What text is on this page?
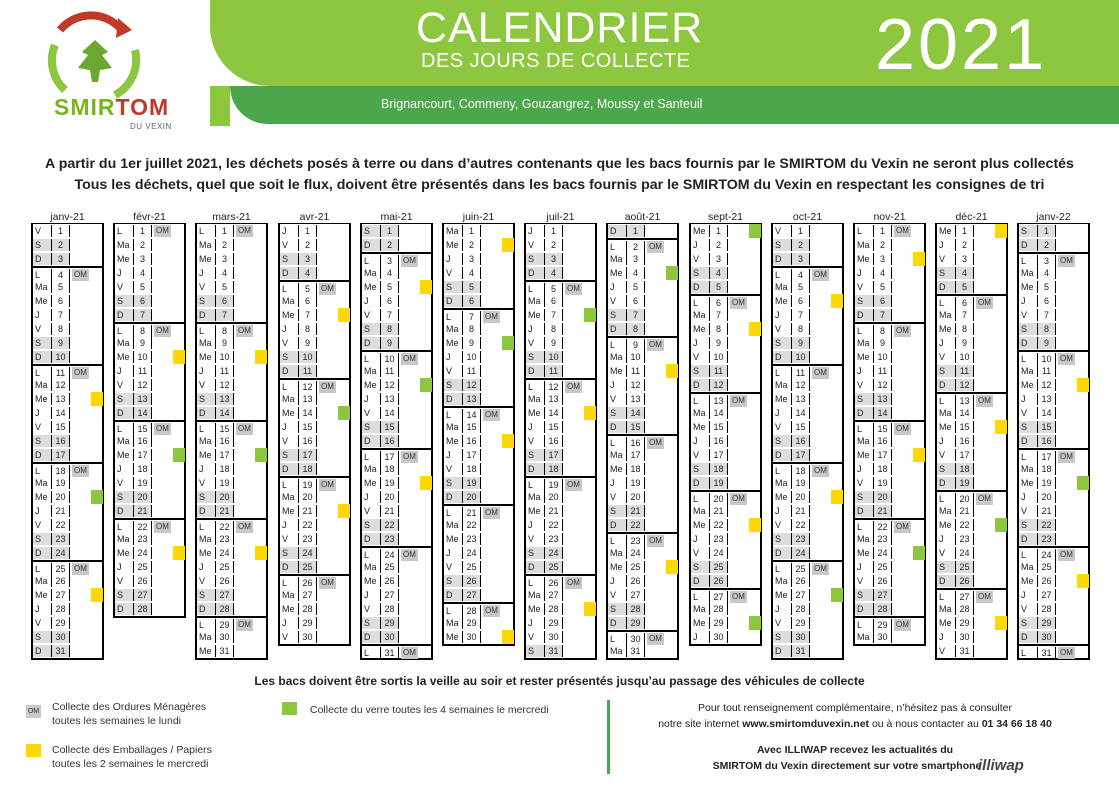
SMIRTOM
DU VEXIN
CALENDRIER
DES JOURS DE COLLECTE	2021
Brignancourt, Commeny, Gouzangrez, Moussy et Santeuil
A partir du 1er juillet 2021, les déchets posés à terre ou dans d’autres contenants que les bacs fournis par le SMIRTOM du Vexin ne seront plus collectés
Tous les déchets, quel que soit le flux, doivent être présentés dans les bacs fournis par le SMIRTOM du Vexin en respectant les consignes de tri
janv-21
V	1
S	2
D	3
L	4	OM
Ma	5
Me	6
J	7
V	8
S	9
D	10
L	11	OM
Ma 12
Me 13
J	14
V	15
S	16
D	17
L	18	OM
Ma 19
Me 20
J	21
V	22
S	23
D	24
L	25	OM
Ma 26
Me 27
J	28
V	29
S	30
D	31
févr-21
L	1	OM
Ma	2
Me	3
J	4
V	5
S	6
D	7
L	8	OM
Ma	9
Me 10
J	11
V	12
S	13
D	14
L	15	OM
Ma 16
Me 17
J	18
V	19
S	20
D	21
L	22	OM
Ma 23
Me 24
J	25
V	26
S	27
D	28
mars-21
L	1	OM
Ma	2
Me	3
J	4
V	5
S	6
D	7
L	8	OM
Ma	9
Me 10
J	11
V	12
S	13
D	14
L	15	OM
Ma 16
Me 17
J	18
V	19
S	20
D	21
L	22	OM
Ma 23
Me 24
J	25
V	26
S	27
D	28
L	29	OM
Ma 30
Me 31
avr-21
J	1
V	2
S	3
D	4
L	5	OM
Ma	6
Me	7
J	8
V	9
S	10
D	11
L	12	OM
Ma 13
Me 14
J	15
V	16
S	17
D	18
L	19	OM
Ma 20
Me 21
J	22
V	23
S	24
D	25
L	26	OM
Ma 27
Me 28
J	29
V	30
mai-21
S	1
D	2
L	3	OM
Ma	4
Me	5
J	6
V	7
S	8
D	9
L	10	OM
Ma 11
Me 12
J	13
V	14
S	15
D	16
L	17	OM
Ma 18
Me 19
J	20
V	21
S	22
D	23
L	24	OM
Ma 25
Me 26
J	27
V	28
S	29
D	30
L	31	OM
juin-21
Ma	1
Me	2
J	3
V	4
S	5
D	6
L	7	OM
Ma	8
Me	9
J	10
V	11
S	12
D	13
L	14	OM
Ma 15
Me 16
J	17
V	18
S	19
D	20
L	21	OM
Ma 22
Me 23
J	24
V	25
S	26
D	27
L	28	OM
Ma 29
Me 30
juil-21
J	1
V	2
S	3
D	4
L	5	OM
Ma	6
Me	7
J	8
V	9
S	10
D	11
L	12	OM
Ma 13
Me 14
J	15
V	16
S	17
D	18
L	19	OM
Ma 20
Me 21
J	22
V	23
S	24
D	25
L	26	OM
Ma 27
Me 28
J	29
V	30
S	31
août-21
D	1
L	2	OM
Ma	3
Me	4
J	5
V	6
S	7
D	8
L	9	OM
Ma 10
Me 11
J	12
V	13
S	14
D	15
L	16	OM
Ma 17
Me 18
J	19
V	20
S	21
D	22
L	23	OM
Ma 24
Me 25
J	26
V	27
S	28
D	29
L	30	OM
Ma 31
sept-21
Me	1
J	2
V	3
S	4
D	5
L	6	OM
Ma	7
Me	8
J	9
V	10
S	11
D	12
L	13	OM
Ma 14
Me 15
J	16
V	17
S	18
D	19
L	20	OM
Ma 21
Me 22
J	23
V	24
S	25
D	26
L	27	OM
Ma 28
Me 29
J	30
oct-21
V	1
S	2
D	3
L	4	OM
Ma	5
Me	6
J	7
V	8
S	9
D	10
L	11	OM
Ma 12
Me 13
J	14
V	15
S	16
D	17
L	18	OM
Ma 19
Me 20
J	21
V	22
S	23
D	24
L	25	OM
Ma 26
Me 27
J	28
V	29
S	30
D	31
nov-21
L	1	OM
Ma	2
Me	3
J	4
V	5
S	6
D	7
L	8	OM
Ma	9
Me 10
J	11
V	12
S	13
D	14
L	15	OM
Ma 16
Me 17
J	18
V	19
S	20
D	21
L	22	OM
Ma 23
Me 24
J	25
V	26
S	27
D	28
L	29	OM
Ma 30
déc-21
Me	1
J	2
V	3
S	4
D	5
L	6	OM
Ma	7
Me	8
J	9
V	10
S	11
D	12
L	13	OM
Ma 14
Me 15
J	16
V	17
S	18
D	19
L	20	OM
Ma 21
Me 22
J	23
V	24
S	25
D	26
L	27	OM
Ma 28
Me 29
J	30
V	31
janv-22
S	1
D	2
L	3	OM
Ma	4
Me	5
J	6
V	7
S	8
D	9
L	10	OM
Ma 11
Me 12
J	13
V	14
S	15
D	16
L	17	OM
Ma 18
Me 19
J	20
V	21
S	22
D	23
L	24	OM
Ma 25
Me 26
J	27
V	28
S	29
D	30
L	31	OM
Les bacs doivent être sortis la veille au soir et rester présentés jusqu’au passage des véhicules de collecte
OM Collecte des Ordures Ménagères
toutes les semaines le lundi
Collecte du verre toutes les 4 semaines le mercredi
Collecte des Emballages / Papiers
toutes les 2 semaines le mercredi
Pour tout renseignement complémentaire, n’hésitez pas à consulter
notre site internet www.smirtomduvexin.net ou à nous contacter au 01 34 66 18 40
Avec ILLIWAP recevez les actualités du
SMIRTOM du Vexin directement sur votre smartphone
illiwap
